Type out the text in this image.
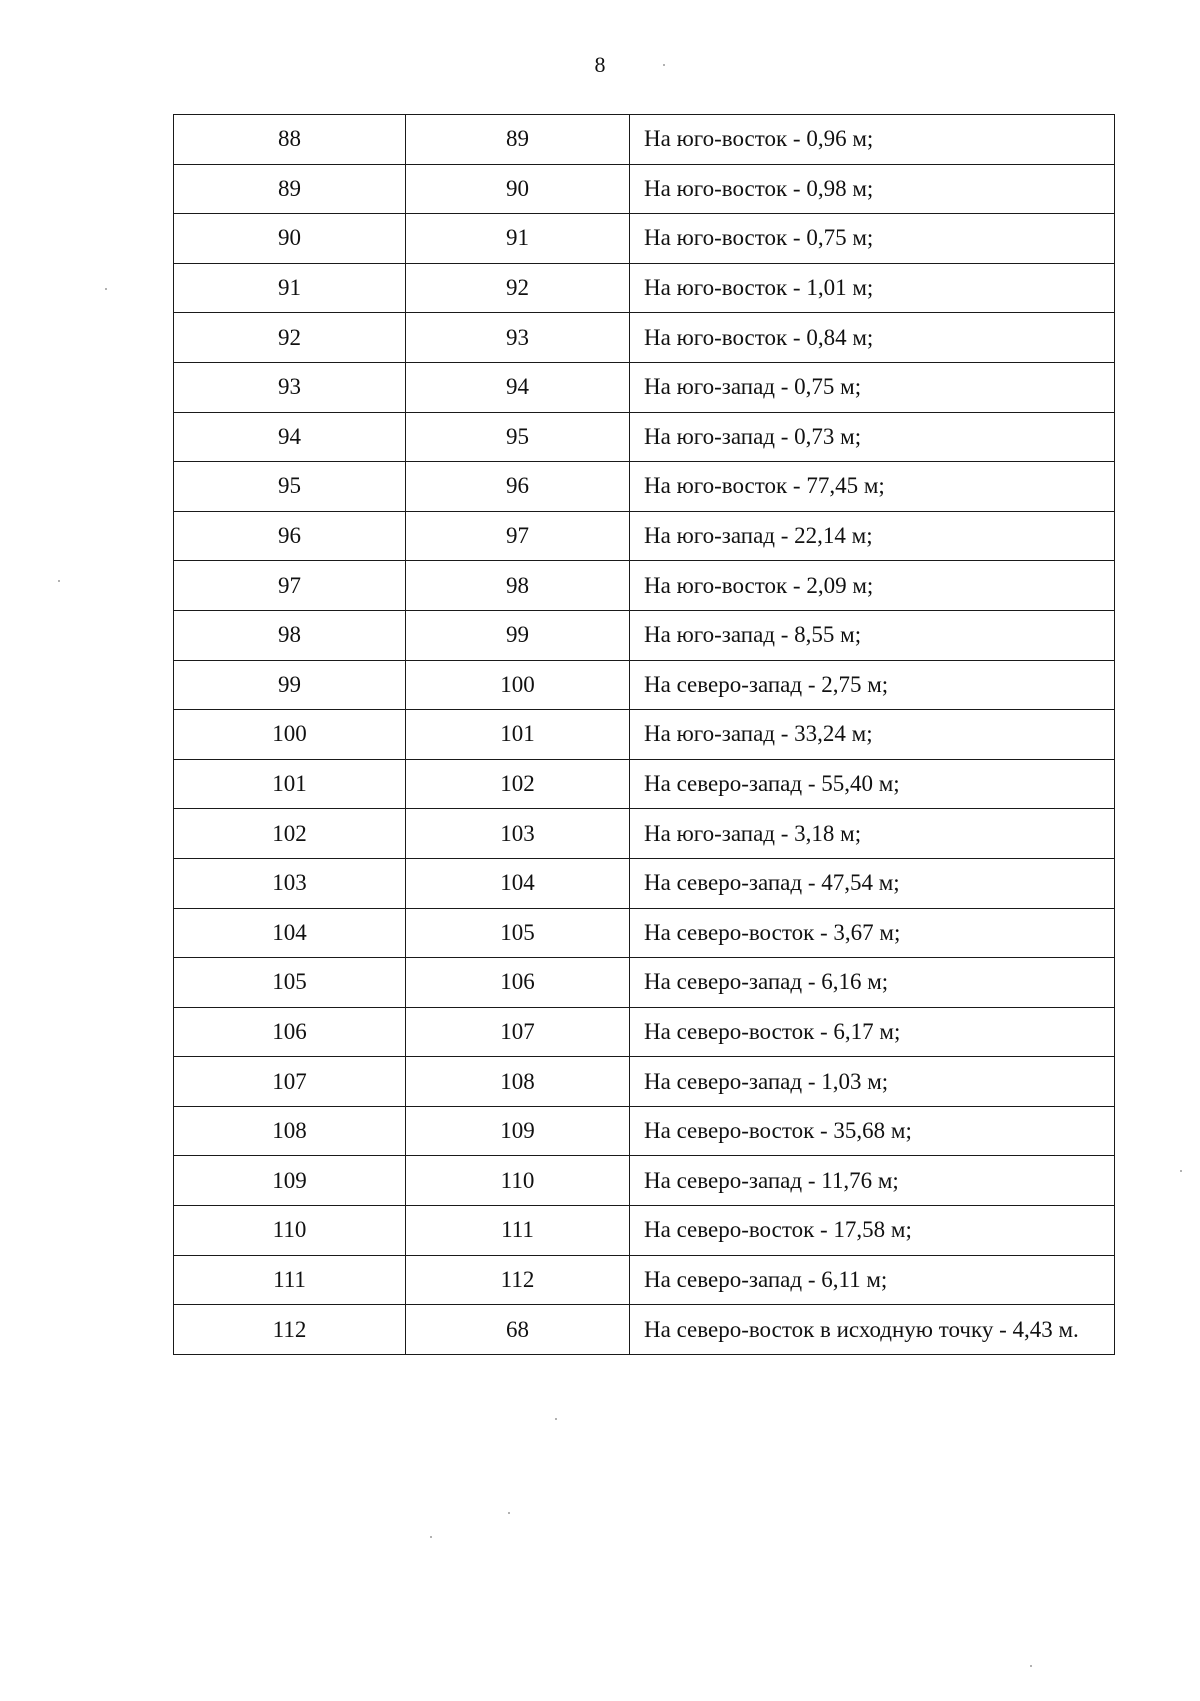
8
88	89	На юго-восток - 0,96 м;
89	90	На юго-восток - 0,98 м;
90	91	На юго-восток - 0,75 м;
91	92	На юго-восток - 1,01 м;
92	93	На юго-восток - 0,84 м;
93	94	На юго-запад - 0,75 м;
94	95	На юго-запад - 0,73 м;
95	96	На юго-восток - 77,45 м;
96	97	На юго-запад - 22,14 м;
97	98	На юго-восток - 2,09 м;
98	99	На юго-запад - 8,55 м;
99	100	На северо-запад - 2,75 м;
100	101	На юго-запад - 33,24 м;
101	102	На северо-запад - 55,40 м;
102	103	На юго-запад - 3,18 м;
103	104	На северо-запад - 47,54 м;
104	105	На северо-восток - 3,67 м;
105	106	На северо-запад - 6,16 м;
106	107	На северо-восток - 6,17 м;
107	108	На северо-запад - 1,03 м;
108	109	На северо-восток - 35,68 м;
109	110	На северо-запад - 11,76 м;
110	111	На северо-восток - 17,58 м;
111	112	На северо-запад - 6,11 м;
112	68	На северо-восток в исходную точку - 4,43 м.
